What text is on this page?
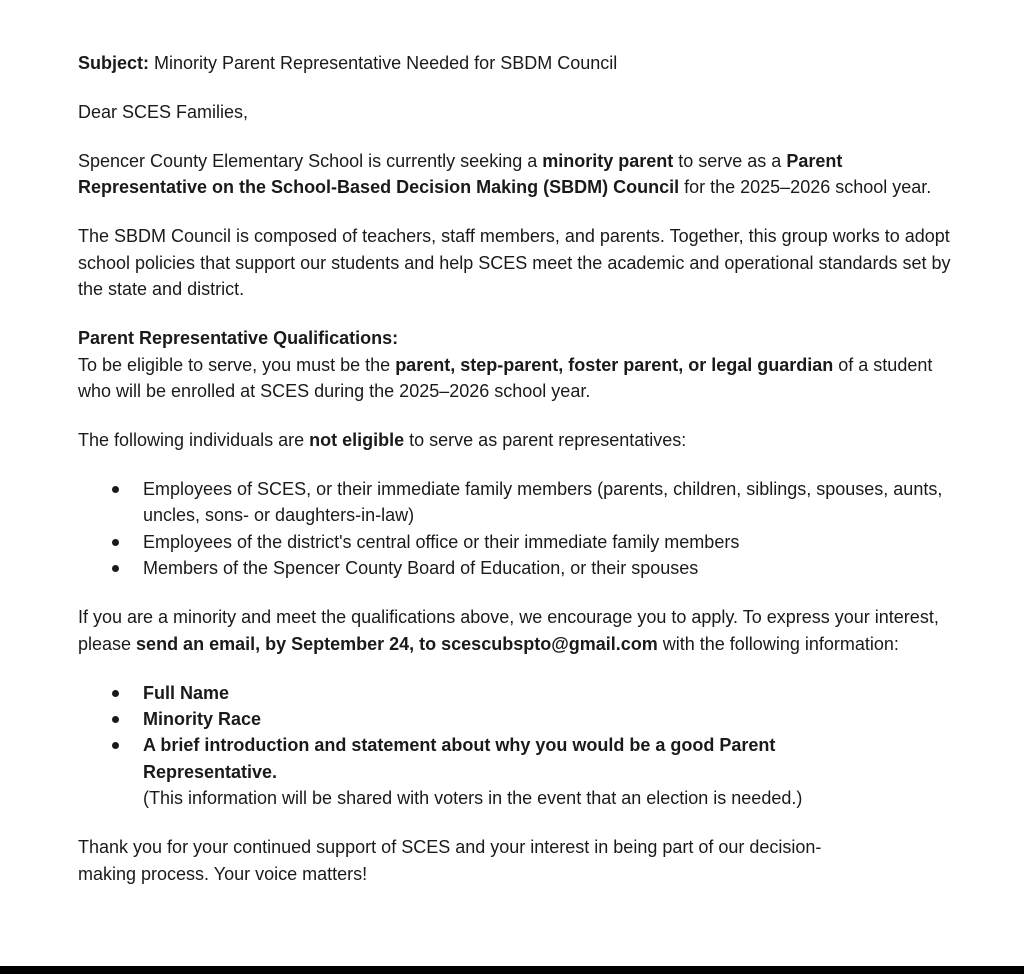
Subject: Minority Parent Representative Needed for SBDM Council

Dear SCES Families,

Spencer County Elementary School is currently seeking a minority parent to serve as a Parent Representative on the School-Based Decision Making (SBDM) Council for the 2025–2026 school year.

The SBDM Council is composed of teachers, staff members, and parents. Together, this group works to adopt school policies that support our students and help SCES meet the academic and operational standards set by the state and district.

Parent Representative Qualifications:
To be eligible to serve, you must be the parent, step-parent, foster parent, or legal guardian of a student who will be enrolled at SCES during the 2025–2026 school year.

The following individuals are not eligible to serve as parent representatives:

Employees of SCES, or their immediate family members (parents, children, siblings, spouses, aunts, uncles, sons- or daughters-in-law)
Employees of the district's central office or their immediate family members
Members of the Spencer County Board of Education, or their spouses

If you are a minority and meet the qualifications above, we encourage you to apply. To express your interest, please send an email, by September 24, to scescubspto@gmail.com with the following information:

Full Name
Minority Race
A brief introduction and statement about why you would be a good Parent Representative.
(This information will be shared with voters in the event that an election is needed.)

Thank you for your continued support of SCES and your interest in being part of our decision-making process. Your voice matters!
